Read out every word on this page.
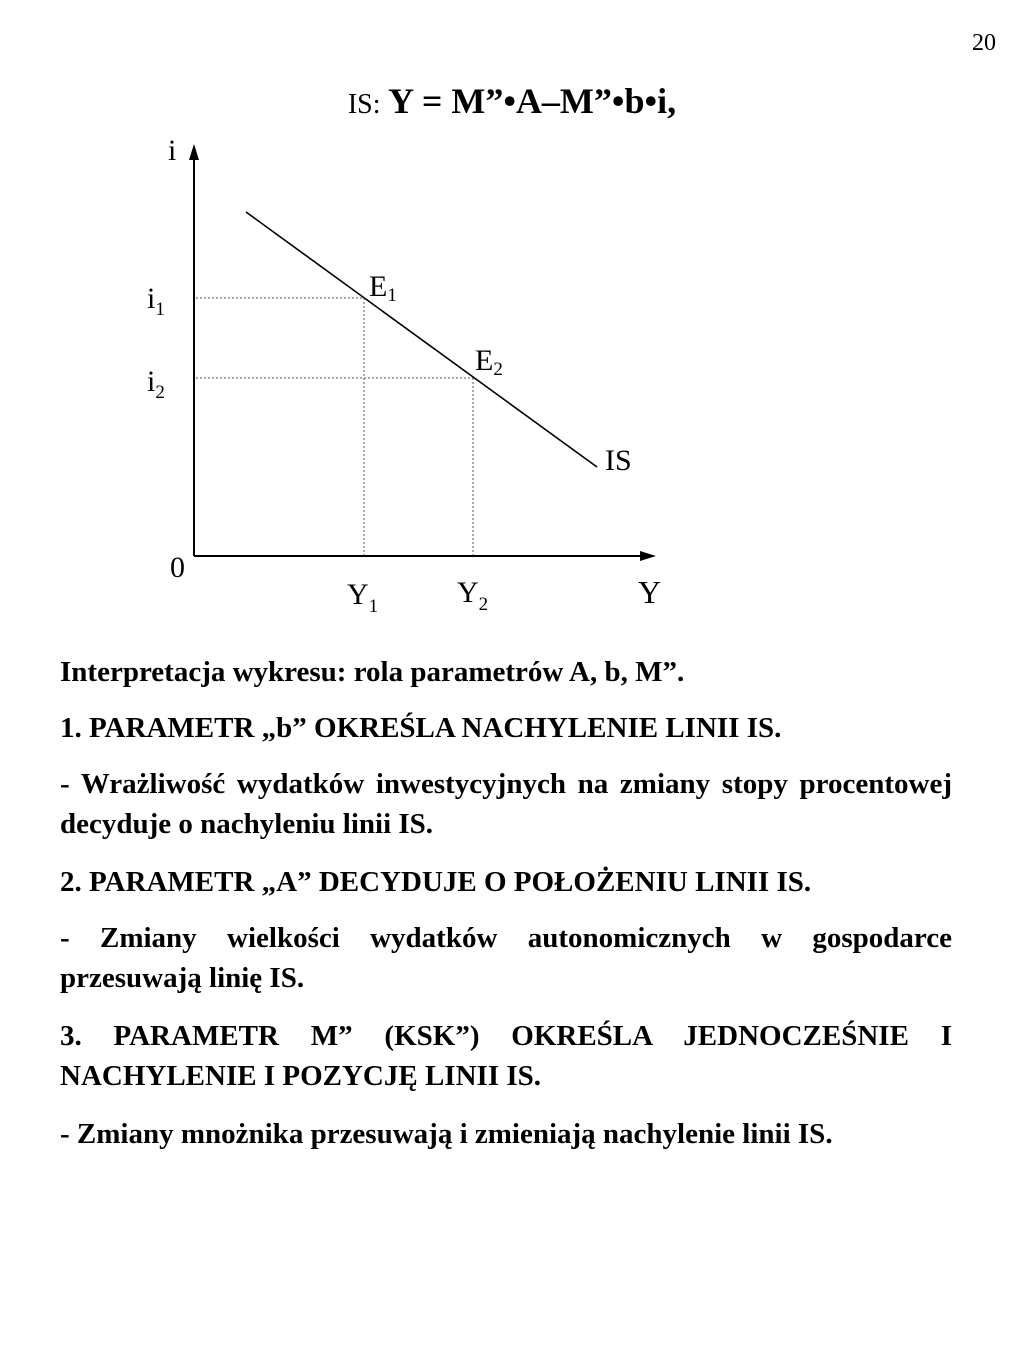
20
IS: Y = M”•A–M”•b•i,
i
Y
0
IS
E1
E2
$i_1$
$i_2$
$Y_1$	$Y_2$

Interpretacja wykresu: rola parametrów A, b, M”.

1. PARAMETR „b” OKREŚLA NACHYLENIE LINII IS.

- Wrażliwość wydatków inwestycyjnych na zmiany stopy procentowej decyduje o nachyleniu linii IS.

2. PARAMETR „A” DECYDUJE O POŁOŻENIU LINII IS.

- Zmiany wielkości wydatków autonomicznych w gospodarce przesuwają linię IS.

3. PARAMETR M” (KSK”) OKREŚLA JEDNOCZEŚNIE I NACHYLENIE I POZYCJĘ LINII IS.

- Zmiany mnożnika przesuwają i zmieniają nachylenie linii IS.
